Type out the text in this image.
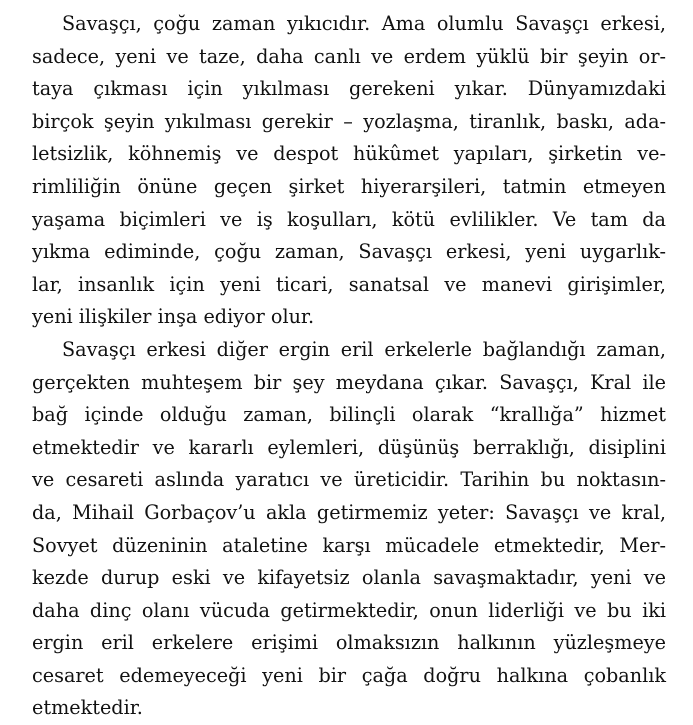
Savaşçı, çoğu zaman yıkıcıdır. Ama olumlu Savaşçı erkesi,
sadece, yeni ve taze, daha canlı ve erdem yüklü bir şeyin or-
taya çıkması için yıkılması gerekeni yıkar. Dünyamızdaki
birçok şeyin yıkılması gerekir – yozlaşma, tiranlık, baskı, ada-
letsizlik, köhnemiş ve despot hükûmet yapıları, şirketin ve-
rimliliğin önüne geçen şirket hiyerarşileri, tatmin etmeyen
yaşama biçimleri ve iş koşulları, kötü evlilikler. Ve tam da
yıkma ediminde, çoğu zaman, Savaşçı erkesi, yeni uygarlık-
lar, insanlık için yeni ticari, sanatsal ve manevi girişimler,
yeni ilişkiler inşa ediyor olur.
Savaşçı erkesi diğer ergin eril erkelerle bağlandığı zaman,
gerçekten muhteşem bir şey meydana çıkar. Savaşçı, Kral ile
bağ içinde olduğu zaman, bilinçli olarak “krallığa” hizmet
etmektedir ve kararlı eylemleri, düşünüş berraklığı, disiplini
ve cesareti aslında yaratıcı ve üreticidir. Tarihin bu noktasın-
da, Mihail Gorbaçov’u akla getirmemiz yeter: Savaşçı ve kral,
Sovyet düzeninin ataletine karşı mücadele etmektedir, Mer-
kezde durup eski ve kifayetsiz olanla savaşmaktadır, yeni ve
daha dinç olanı vücuda getirmektedir, onun liderliği ve bu iki
ergin eril erkelere erişimi olmaksızın halkının yüzleşmeye
cesaret edemeyeceği yeni bir çağa doğru halkına çobanlık
etmektedir.
